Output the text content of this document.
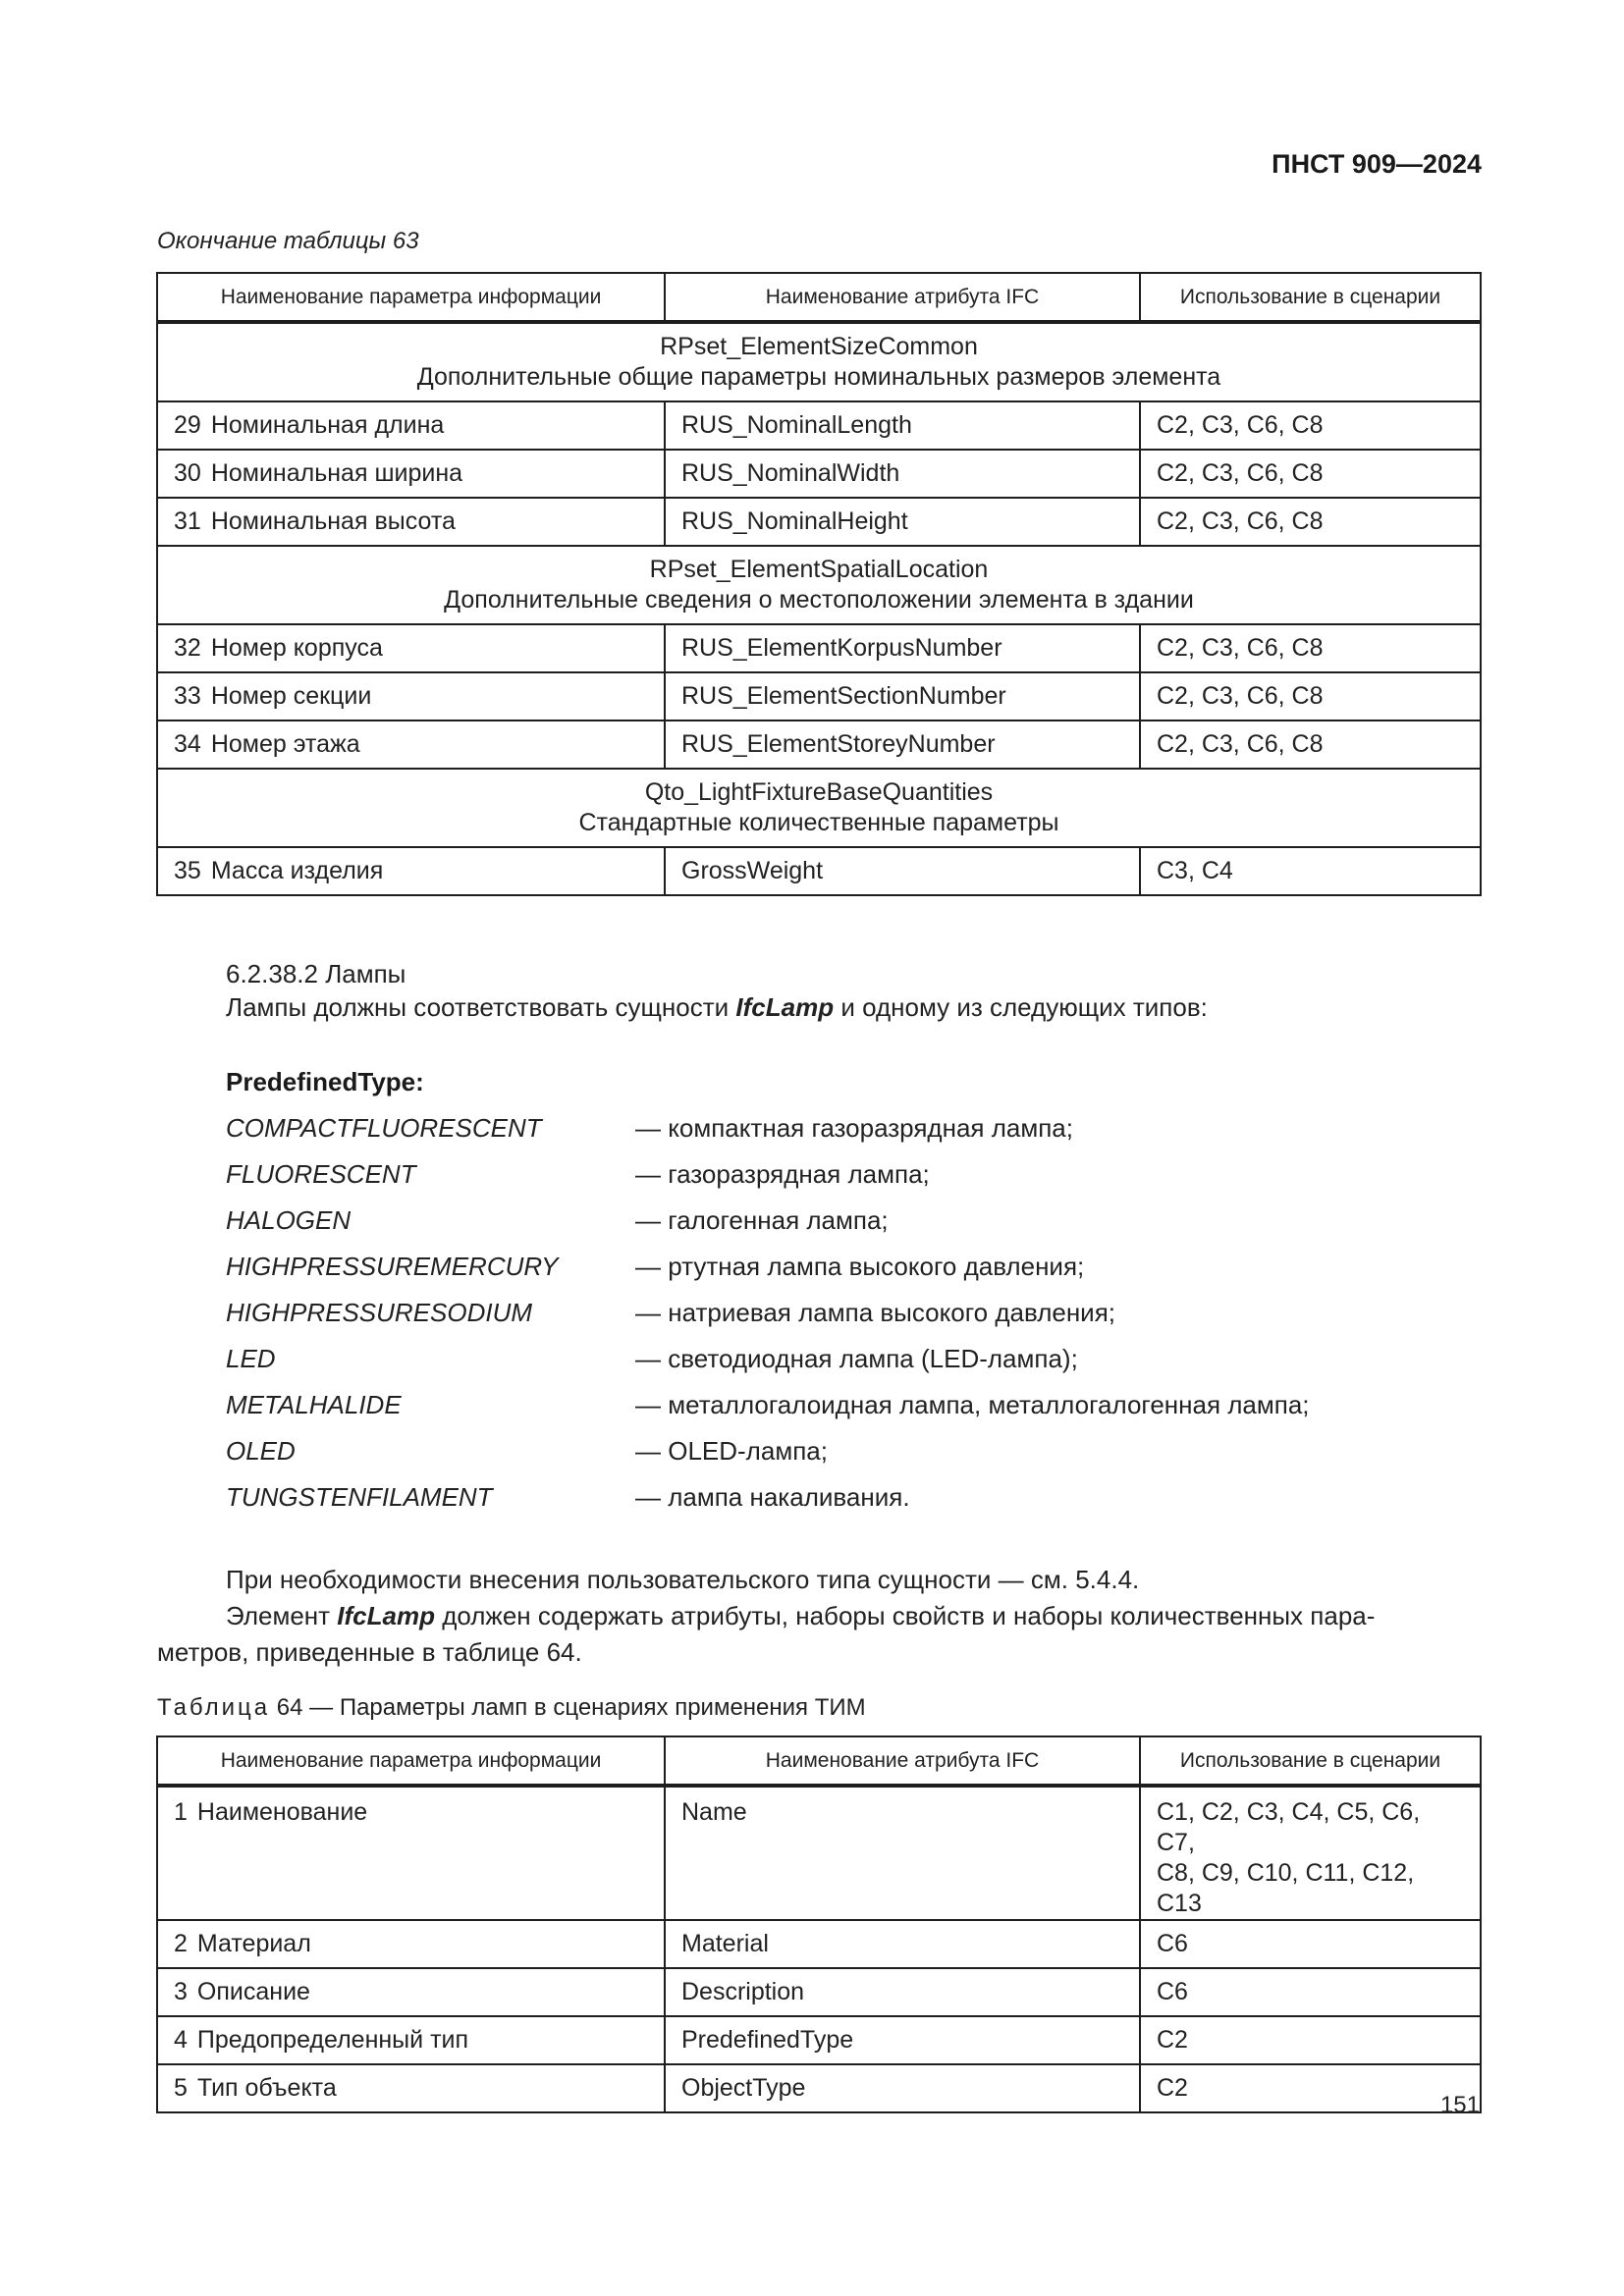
ПНСТ 909—2024
Окончание таблицы 63
Наименование параметра информации	Наименование атрибута IFC	Использование в сценарии
RPset_ElementSizeCommon
Дополнительные общие параметры номинальных размеров элемента		
29 Номинальная длина	RUS_NominalLength	C2, C3, C6, C8
30 Номинальная ширина	RUS_NominalWidth	C2, C3, C6, C8
31 Номинальная высота	RUS_NominalHeight	C2, C3, C6, C8
RPset_ElementSpatialLocation
Дополнительные сведения о местоположении элемента в здании		
32 Номер корпуса	RUS_ElementKorpusNumber	C2, C3, C6, C8
33 Номер секции	RUS_ElementSectionNumber	C2, C3, C6, C8
34 Номер этажа	RUS_ElementStoreyNumber	C2, C3, C6, C8
Qto_LightFixtureBaseQuantities
Стандартные количественные параметры		
35 Масса изделия	GrossWeight	C3, C4
6.2.38.2 Лампы
Лампы должны соответствовать сущности IfcLamp и одному из следующих типов:
PredefinedType:
COMPACTFLUORESCENT	— компактная газоразрядная лампа;
FLUORESCENT	— газоразрядная лампа;
HALOGEN	— галогенная лампа;
HIGHPRESSUREMERCURY	— ртутная лампа высокого давления;
HIGHPRESSURESODIUM	— натриевая лампа высокого давления;
LED	— светодиодная лампа (LED-лампа);
METALHALIDE	— металлогалоидная лампа, металлогалогенная лампа;
OLED	— OLED-лампа;
TUNGSTENFILAMENT	— лампа накаливания.
При необходимости внесения пользовательского типа сущности — см. 5.4.4.
Элемент IfcLamp должен содержать атрибуты, наборы свойств и наборы количественных пара-
метров, приведенные в таблице 64.
Таблица 64 — Параметры ламп в сценариях применения ТИМ
Наименование параметра информации	Наименование атрибута IFC	Использование в сценарии
1 Наименование	Name	C1, C2, C3, C4, C5, C6, C7,
C8, C9, C10, C11, C12, C13
2 Материал	Material	C6
3 Описание	Description	C6
4 Предопределенный тип	PredefinedType	C2
5 Тип объекта	ObjectType	C2
151
